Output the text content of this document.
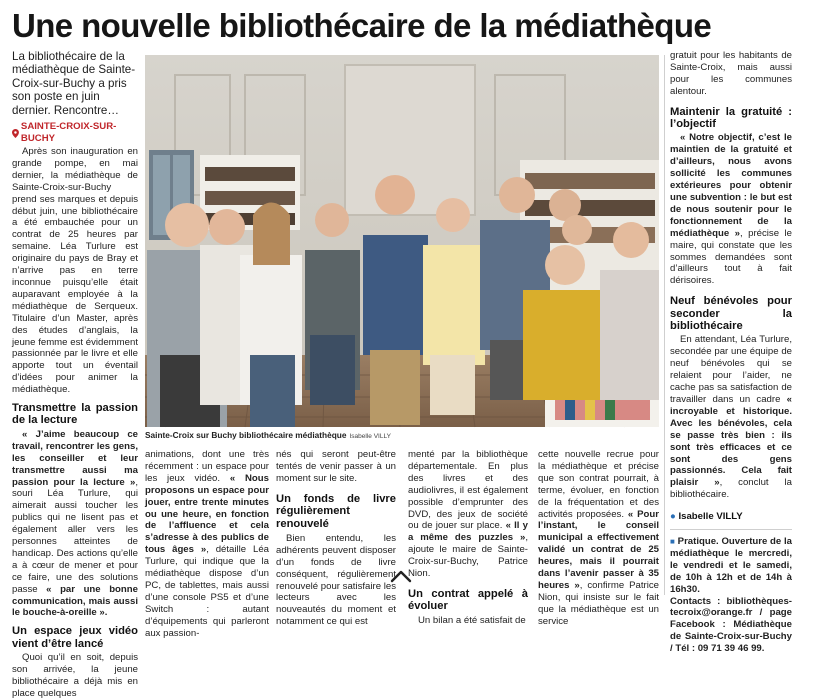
Une nouvelle bibliothécaire de la médiathèque

La bibliothécaire de la médiathèque de Sainte-Croix-sur-Buchy a pris son poste en juin dernier. Rencontre…

SAINTE-CROIX-SUR-BUCHY

Après son inauguration en grande pompe, en mai dernier, la médiathèque de Sainte-Croix-sur-Buchy prend ses marques et depuis début juin, une bibliothécaire a été embauchée pour un contrat de 25 heures par semaine. Léa Turlure est originaire du pays de Bray et n’arrive pas en terre inconnue puisqu’elle était auparavant employée à la médiathèque de Serqueux. Titulaire d’un Master, après des études d’anglais, la jeune femme est évidemment passionnée par le livre et elle apporte tout un éventail d’idées pour animer la médiathèque.

Transmettre la passion de la lecture

« J’aime beaucoup ce travail, rencontrer les gens, les conseiller et leur transmettre aussi ma passion pour la lecture », souri Léa Turlure, qui aimerait aussi toucher les publics qui ne lisent pas et également aller vers les personnes atteintes de handicap. Des actions qu’elle a à cœur de mener et pour ce faire, une des solutions passe « par une bonne communication, mais aussi le bouche-à-oreille ».

Un espace jeux vidéo vient d’être lancé

Quoi qu’il en soit, depuis son arrivée, la jeune bibliothécaire a déjà mis en place quelques

Sainte-Croix sur Buchy bibliothécaire médiathèque Isabelle VILLY

animations, dont une très récemment : un espace pour les jeux vidéo. « Nous proposons un espace pour jouer, entre trente minutes ou une heure, en fonction de l’affluence et cela s’adresse à des publics de tous âges », détaille Léa Turlure, qui indique que la médiathèque dispose d’un PC, de tablettes, mais aussi d’une console PS5 et d’une Switch : autant d’équipements qui parleront aux passion-

nés qui seront peut-être tentés de venir passer à un moment sur le site.

Un fonds de livre régulièrement renouvelé

Bien entendu, les adhérents peuvent disposer d’un fonds de livre conséquent, régulièrement renouvelé pour satisfaire les lecteurs avec les nouveautés du moment et notamment ce qui est

menté par la bibliothèque départementale. En plus des livres et des audiolivres, il est également possible d’emprunter des DVD, des jeux de société ou de jouer sur place. « Il y a même des puzzles », ajoute le maire de Sainte-Croix-sur-Buchy, Patrice Nion.

Un contrat appelé à évoluer

Un bilan a été satisfait de

cette nouvelle recrue pour la médiathèque et précise que son contrat pourrait, à terme, évoluer, en fonction de la fréquentation et des activités proposées. « Pour l’instant, le conseil municipal a effectivement validé un contrat de 25 heures, mais il pourrait dans l’avenir passer à 35 heures », confirme Patrice Nion, qui insiste sur le fait que la médiathèque est un service

gratuit pour les habitants de Sainte-Croix, mais aussi pour les communes alentour.

Maintenir la gratuité : l’objectif

« Notre objectif, c’est le maintien de la gratuité et d’ailleurs, nous avons sollicité les communes extérieures pour obtenir une subvention : le but est de nous soutenir pour le fonctionnement de la médiathèque », précise le maire, qui constate que les sommes demandées sont d’ailleurs tout à fait dérisoires.

Neuf bénévoles pour seconder la bibliothécaire

En attendant, Léa Turlure, secondée par une équipe de neuf bénévoles qui se relaient pour l’aider, ne cache pas sa satisfaction de travailler dans un cadre « incroyable et historique. Avec les bénévoles, cela se passe très bien : ils sont très efficaces et ce sont des gens passionnés. Cela fait plaisir », conclut la bibliothécaire.

● Isabelle VILLY

■ Pratique. Ouverture de la médiathèque le mercredi, le vendredi et le samedi, de 10h à 12h et de 14h à 16h30.

Contacts : bibliothèques-tecroix@orange.fr / page Facebook : Médiathèque de Sainte-Croix-sur-Buchy / Tél : 09 71 39 46 99.
